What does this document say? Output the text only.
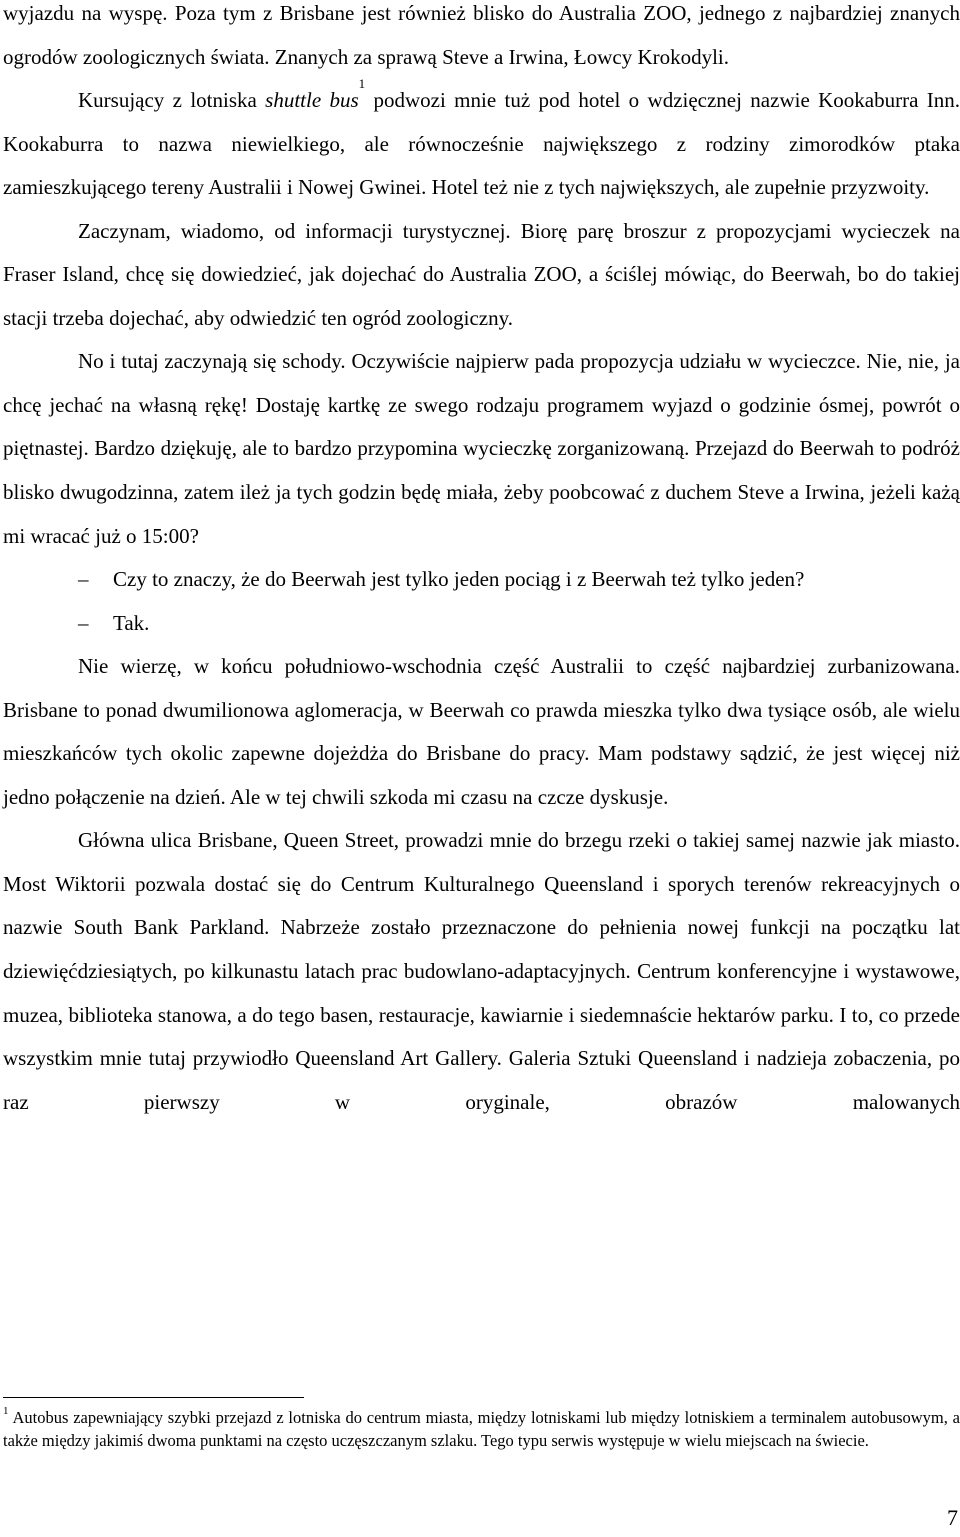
wyjazdu na wyspę. Poza tym z Brisbane jest również blisko do Australia ZOO, jednego z najbardziej znanych ogrodów zoologicznych świata. Znanych za sprawą Steve a Irwina, Łowcy Krokodyli.

Kursujący z lotniska shuttle bus$^1$ podwozi mnie tuż pod hotel o wdzięcznej nazwie Kookaburra Inn. Kookaburra to nazwa niewielkiego, ale równocześnie największego z rodziny zimorodków ptaka zamieszkującego tereny Australii i Nowej Gwinei. Hotel też nie z tych największych, ale zupełnie przyzwoity.

Zaczynam, wiadomo, od informacji turystycznej. Biorę parę broszur z propozycjami wycieczek na Fraser Island, chcę się dowiedzieć, jak dojechać do Australia ZOO, a ściślej mówiąc, do Beerwah, bo do takiej stacji trzeba dojechać, aby odwiedzić ten ogród zoologiczny.

No i tutaj zaczynają się schody. Oczywiście najpierw pada propozycja udziału w wycieczce. Nie, nie, ja chcę jechać na własną rękę! Dostaję kartkę ze swego rodzaju programem wyjazd o godzinie ósmej, powrót o piętnastej. Bardzo dziękuję, ale to bardzo przypomina wycieczkę zorganizowaną. Przejazd do Beerwah to podróż blisko dwugodzinna, zatem ileż ja tych godzin będę miała, żeby poobcować z duchem Steve a Irwina, jeżeli każą mi wracać już o 15:00?

– Czy to znaczy, że do Beerwah jest tylko jeden pociąg i z Beerwah też tylko jeden?

– Tak.

Nie wierzę, w końcu południowo-wschodnia część Australii to część najbardziej zurbanizowana. Brisbane to ponad dwumilionowa aglomeracja, w Beerwah co prawda mieszka tylko dwa tysiące osób, ale wielu mieszkańców tych okolic zapewne dojeżdża do Brisbane do pracy. Mam podstawy sądzić, że jest więcej niż jedno połączenie na dzień. Ale w tej chwili szkoda mi czasu na czcze dyskusje.

Główna ulica Brisbane, Queen Street, prowadzi mnie do brzegu rzeki o takiej samej nazwie jak miasto. Most Wiktorii pozwala dostać się do Centrum Kulturalnego Queensland i sporych terenów rekreacyjnych o nazwie South Bank Parkland. Nabrzeże zostało przeznaczone do pełnienia nowej funkcji na początku lat dziewięćdziesiątych, po kilkunastu latach prac budowlano-adaptacyjnych. Centrum konferencyjne i wystawowe, muzea, biblioteka stanowa, a do tego basen, restauracje, kawiarnie i siedemnaście hektarów parku. I to, co przede wszystkim mnie tutaj przywiodło Queensland Art Gallery. Galeria Sztuki Queensland i nadzieja zobaczenia, po raz pierwszy w oryginale, obrazów malowanych

$^1$ Autobus zapewniający szybki przejazd z lotniska do centrum miasta, między lotniskami lub między lotniskiem a terminalem autobusowym, a także między jakimiś dwoma punktami na często uczęszczanym szlaku. Tego typu serwis występuje w wielu miejscach na świecie.
7
